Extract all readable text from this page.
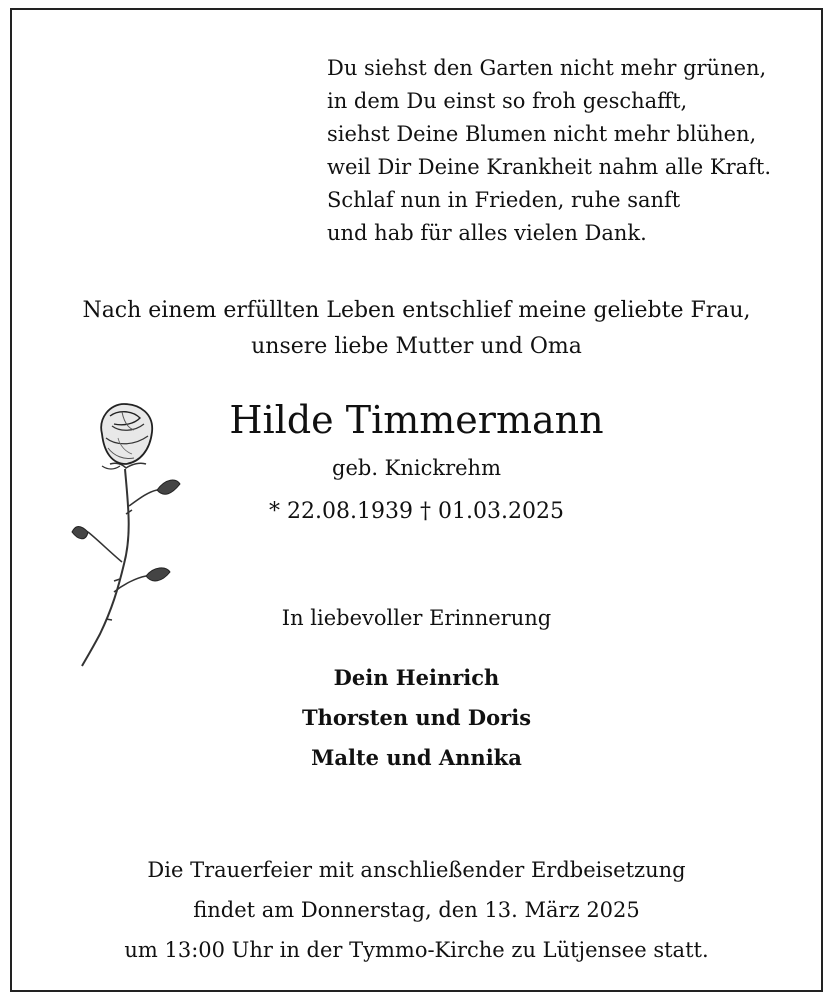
Du siehst den Garten nicht mehr grünen,
in dem Du einst so froh geschafft,
siehst Deine Blumen nicht mehr blühen,
weil Dir Deine Krankheit nahm alle Kraft.
Schlaf nun in Frieden, ruhe sanft
und hab für alles vielen Dank.
Nach einem erfüllten Leben entschlief meine geliebte Frau,
unsere liebe Mutter und Oma
Hilde Timmermann
geb. Knickrehm
* 22.08.1939 † 01.03.2025
In liebevoller Erinnerung
Dein Heinrich
Thorsten und Doris
Malte und Annika
Die Trauerfeier mit anschließender Erdbeisetzung
findet am Donnerstag, den 13. März 2025
um 13:00 Uhr in der Tymmo-Kirche zu Lütjensee statt.
